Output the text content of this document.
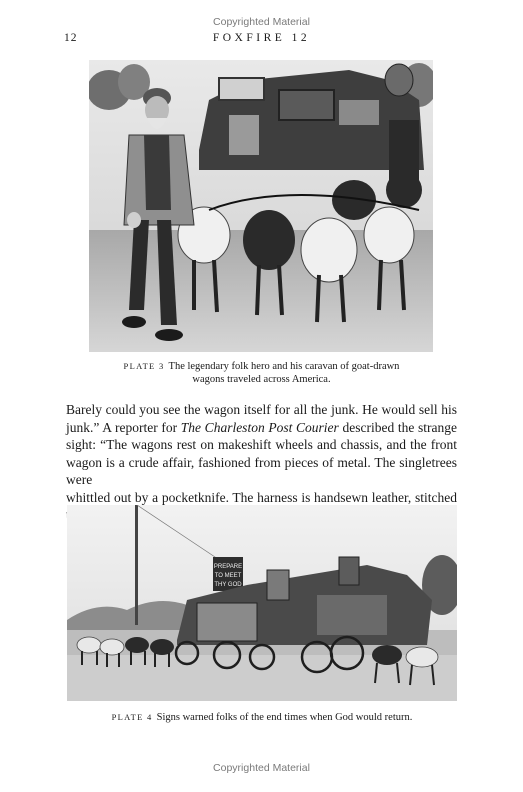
Copyrighted Material
12	FOXFIRE 12
PLATE 3 The legendary folk hero and his caravan of goat-drawn
wagons traveled across America.
Barely could you see the wagon itself for all the junk. He would sell his
junk.” A reporter for The Charleston Post Courier described the strange
sight: “The wagons rest on makeshift wheels and chassis, and the front
wagon is a crude affair, fashioned from pieces of metal. The singletrees were
whittled out by a pocketknife. The harness is handsewn leather, stitched
PREPARE
TO MEET
THY GOD
PLATE 4 Signs warned folks of the end times when God would return.
Copyrighted Material
